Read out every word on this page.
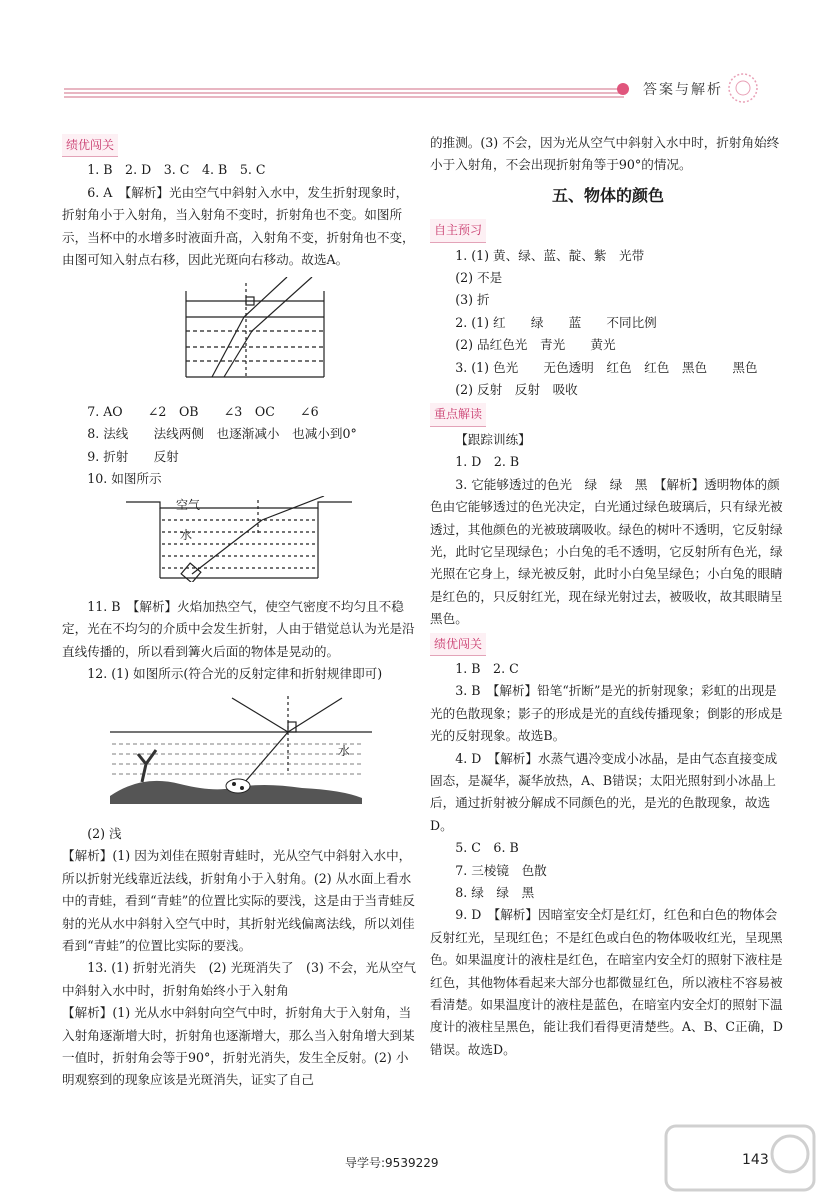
答案与解析
绩优闯关

1. B　2. D　3. C　4. B　5. C

6. A　【解析】光由空气中斜射入水中，发生折射现象时，折射角小于入射角，当入射角不变时，折射角也不变。如图所示，当杯中的水增多时液面升高，入射角不变，折射角也不变，由图可知入射点右移，因此光斑向右移动。故选A。

7. AO　　∠2　OB　　∠3　OC　　∠6

8. 法线　　法线两侧　也逐渐减小　也减小到0°

9. 折射　　反射

10. 如图所示

空气
水

11. B　【解析】火焰加热空气，使空气密度不均匀且不稳定，光在不均匀的介质中会发生折射，人由于错觉总认为光是沿直线传播的，所以看到篝火后面的物体是晃动的。

12. (1) 如图所示(符合光的反射定律和折射规律即可)

水

(2) 浅

【解析】(1) 因为刘佳在照射青蛙时，光从空气中斜射入水中，所以折射光线靠近法线，折射角小于入射角。(2) 从水面上看水中的青蛙，看到“青蛙”的位置比实际的要浅，这是由于当青蛙反射的光从水中斜射入空气中时，其折射光线偏离法线，所以刘佳看到“青蛙”的位置比实际的要浅。

13. (1) 折射光消失　(2) 光斑消失了　(3) 不会，光从空气中斜射入水中时，折射角始终小于入射角

【解析】(1) 光从水中斜射向空气中时，折射角大于入射角，当入射角逐渐增大时，折射角也逐渐增大，那么当入射角增大到某一值时，折射角会等于90°，折射光消失，发生全反射。(2) 小明观察到的现象应该是光斑消失，证实了自己

的推测。(3) 不会，因为光从空气中斜射入水中时，折射角始终小于入射角，不会出现折射角等于90°的情况。

五、物体的颜色
自主预习

1. (1) 黄、绿、蓝、靛、紫　光带

(2) 不是

(3) 折

2. (1) 红　　绿　　蓝　　不同比例

(2) 品红色光　青光　　黄光

3. (1) 色光　　无色透明　红色　红色　黑色　　黑色

(2) 反射　反射　吸收

重点解读

【跟踪训练】

1. D　2. B

3. 它能够透过的色光　绿　绿　黑　【解析】透明物体的颜色由它能够透过的色光决定，白光通过绿色玻璃后，只有绿光被透过，其他颜色的光被玻璃吸收。绿色的树叶不透明，它反射绿光，此时它呈现绿色；小白兔的毛不透明，它反射所有色光，绿光照在它身上，绿光被反射，此时小白兔呈绿色；小白兔的眼睛是红色的，只反射红光，现在绿光射过去，被吸收，故其眼睛呈黑色。

绩优闯关

1. B　2. C

3. B　【解析】铅笔“折断”是光的折射现象；彩虹的出现是光的色散现象；影子的形成是光的直线传播现象；倒影的形成是光的反射现象。故选B。

4. D　【解析】水蒸气遇冷变成小冰晶，是由气态直接变成固态，是凝华，凝华放热，A、B错误；太阳光照射到小冰晶上后，通过折射被分解成不同颜色的光，是光的色散现象，故选D。

5. C　6. B

7. 三棱镜　色散

8. 绿　绿　黑

9. D　【解析】因暗室安全灯是红灯，红色和白色的物体会反射红光，呈现红色；不是红色或白色的物体吸收红光，呈现黑色。如果温度计的液柱是红色，在暗室内安全灯的照射下液柱是红色，其他物体看起来大部分也都微显红色，所以液柱不容易被看清楚。如果温度计的液柱是蓝色，在暗室内安全灯的照射下温度计的液柱呈黑色，能让我们看得更清楚些。A、B、C正确，D错误。故选D。

导学号:9539229	143
